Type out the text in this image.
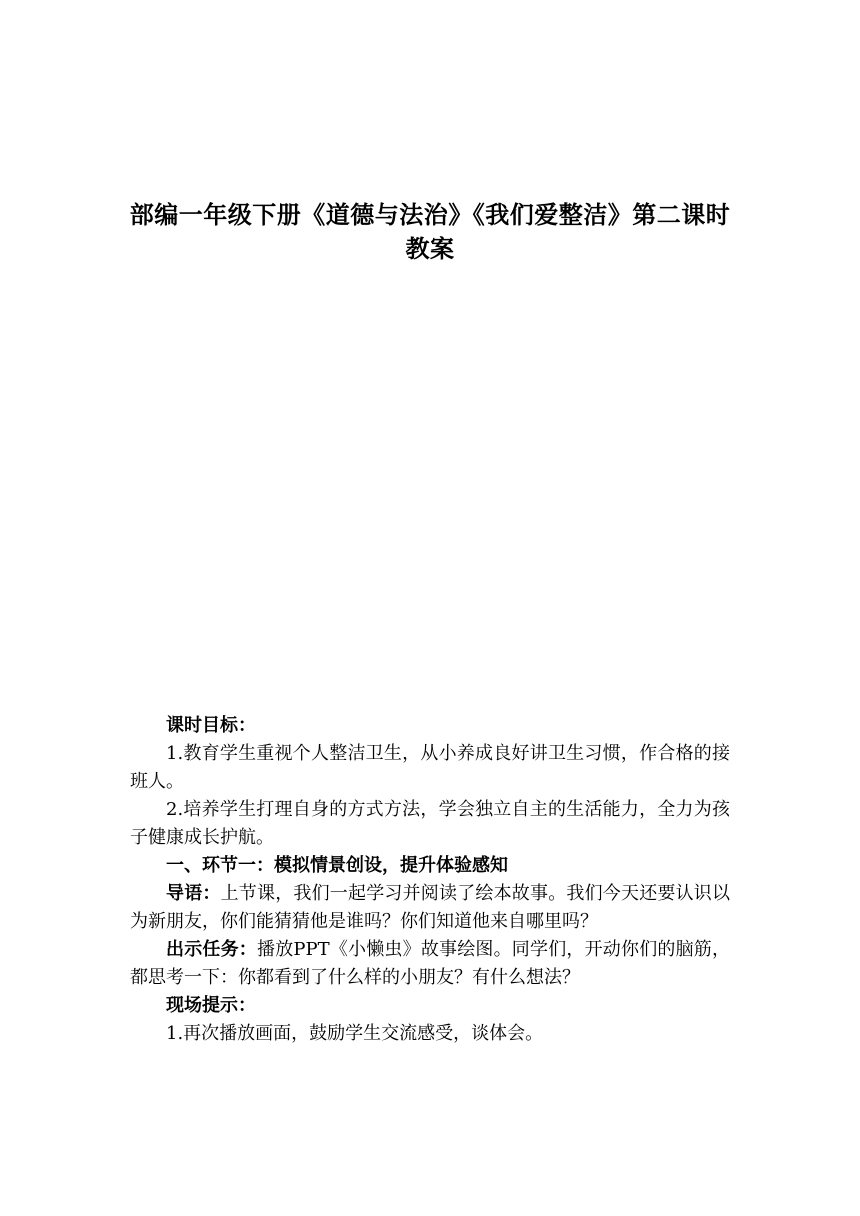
部编一年级下册《道德与法治》《我们爱整洁》第二课时教案

课时目标：

1.教育学生重视个人整洁卫生，从小养成良好讲卫生习惯，作合格的接班人。

2.培养学生打理自身的方式方法，学会独立自主的生活能力，全力为孩子健康成长护航。

一、环节一：模拟情景创设，提升体验感知

导语：上节课，我们一起学习并阅读了绘本故事。我们今天还要认识以为新朋友，你们能猜猜他是谁吗？你们知道他来自哪里吗？

出示任务：播放PPT《小懒虫》故事绘图。同学们，开动你们的脑筋，都思考一下：你都看到了什么样的小朋友？有什么想法？

现场提示：

1.再次播放画面，鼓励学生交流感受，谈体会。
